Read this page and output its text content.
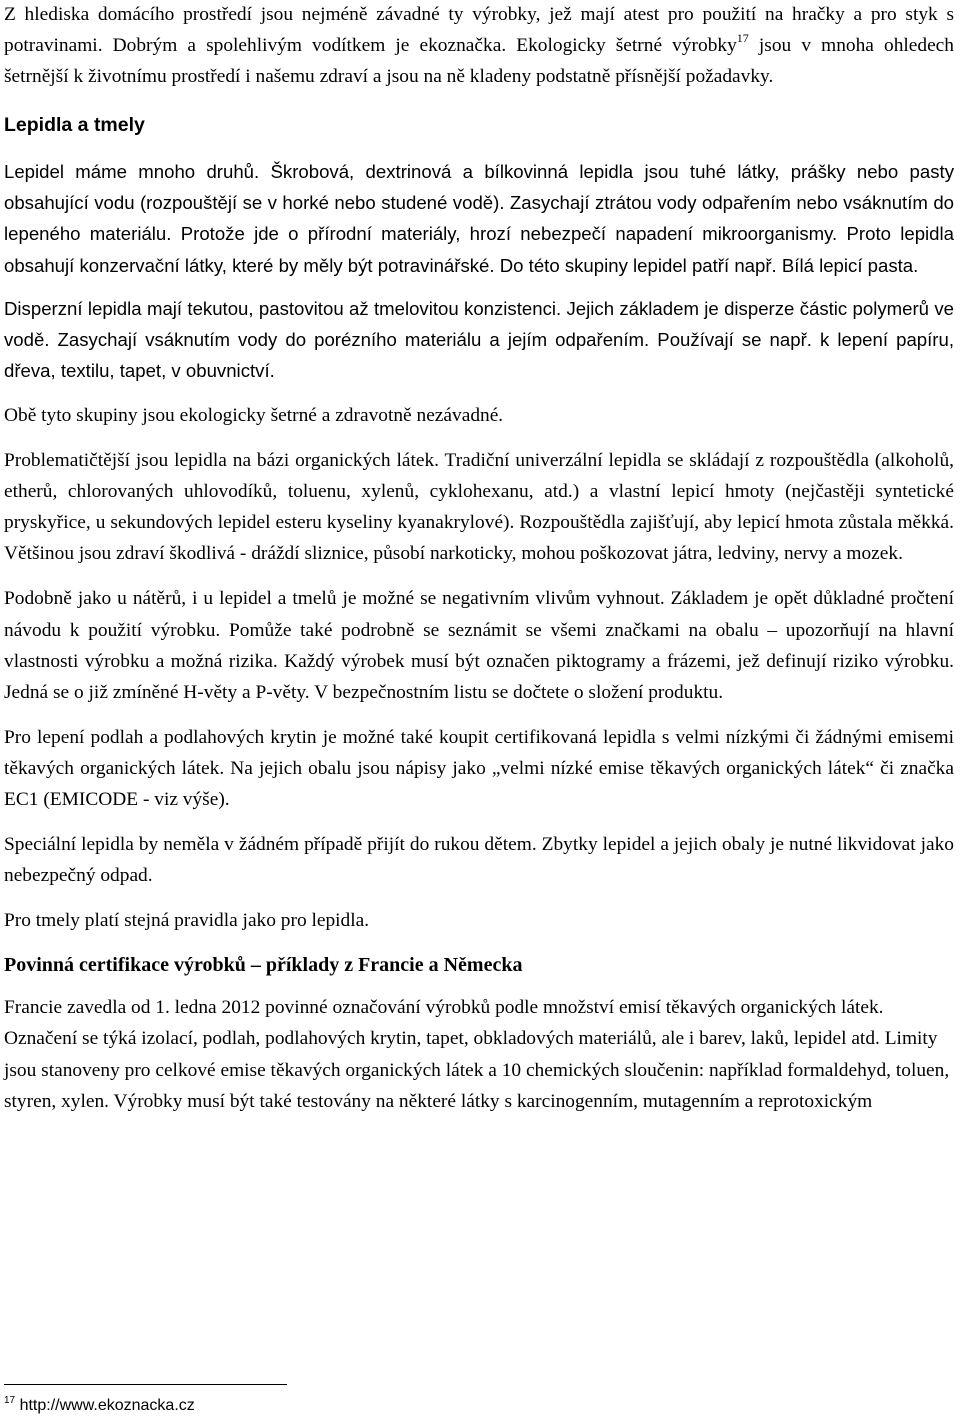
Z hlediska domácího prostředí jsou nejméně závadné ty výrobky, jež mají atest pro použití na hračky a pro styk s potravinami. Dobrým a spolehlivým vodítkem je ekoznačka. Ekologicky šetrné výrobky$^{17}$ jsou v mnoha ohledech šetrnější k životnímu prostředí i našemu zdraví a jsou na ně kladeny podstatně přísnější požadavky.

Lepidla a tmely

Lepidel máme mnoho druhů. Škrobová, dextrinová a bílkovinná lepidla jsou tuhé látky, prášky nebo pasty obsahující vodu (rozpouštějí se v horké nebo studené vodě). Zasychají ztrátou vody odpařením nebo vsáknutím do lepeného materiálu. Protože jde o přírodní materiály, hrozí nebezpečí napadení mikroorganismy. Proto lepidla obsahují konzervační látky, které by měly být potravinářské. Do této skupiny lepidel patří např. Bílá lepicí pasta.

Disperzní lepidla mají tekutou, pastovitou až tmelovitou konzistenci. Jejich základem je disperze částic polymerů ve vodě. Zasychají vsáknutím vody do porézního materiálu a jejím odpařením. Používají se např. k lepení papíru, dřeva, textilu, tapet, v obuvnictví.

Obě tyto skupiny jsou ekologicky šetrné a zdravotně nezávadné.

Problematičtější jsou lepidla na bázi organických látek. Tradiční univerzální lepidla se skládají z rozpouštědla (alkoholů, etherů, chlorovaných uhlovodíků, toluenu, xylenů, cyklohexanu, atd.) a vlastní lepicí hmoty (nejčastěji syntetické pryskyřice, u sekundových lepidel esteru kyseliny kyanakrylové). Rozpouštědla zajišťují, aby lepicí hmota zůstala měkká. Většinou jsou zdraví škodlivá - dráždí sliznice, působí narkoticky, mohou poškozovat játra, ledviny, nervy a mozek.

Podobně jako u nátěrů, i u lepidel a tmelů je možné se negativním vlivům vyhnout. Základem je opět důkladné pročtení návodu k použití výrobku. Pomůže také podrobně se seznámit se všemi značkami na obalu – upozorňují na hlavní vlastnosti výrobku a možná rizika. Každý výrobek musí být označen piktogramy a frázemi, jež definují riziko výrobku. Jedná se o již zmíněné H-věty a P-věty. V bezpečnostním listu se dočtete o složení produktu.

Pro lepení podlah a podlahových krytin je možné také koupit certifikovaná lepidla s velmi nízkými či žádnými emisemi těkavých organických látek. Na jejich obalu jsou nápisy jako „velmi nízké emise těkavých organických látek“ či značka EC1 (EMICODE - viz výše).

Speciální lepidla by neměla v žádném případě přijít do rukou dětem. Zbytky lepidel a jejich obaly je nutné likvidovat jako nebezpečný odpad.

Pro tmely platí stejná pravidla jako pro lepidla.

Povinná certifikace výrobků – příklady z Francie a Německa

Francie zavedla od 1. ledna 2012 povinné označování výrobků podle množství emisí těkavých organických látek. Označení se týká izolací, podlah, podlahových krytin, tapet, obkladových materiálů, ale i barev, laků, lepidel atd. Limity jsou stanoveny pro celkové emise těkavých organických látek a 10 chemických sloučenin: například formaldehyd, toluen, styren, xylen. Výrobky musí být také testovány na některé látky s karcinogenním, mutagenním a reprotoxickým

$^{17}$ http://www.ekoznacka.cz
